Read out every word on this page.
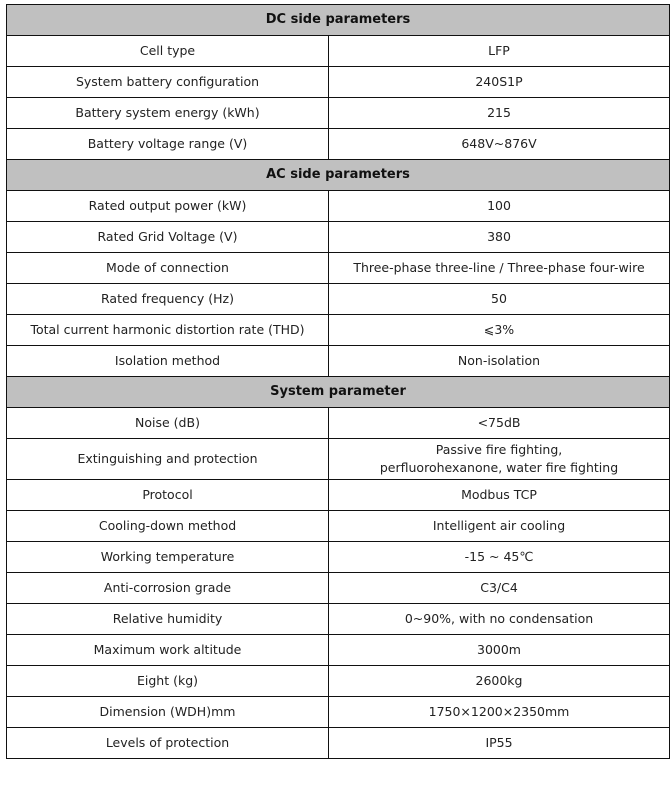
DC side parameters	
Cell type	LFP
System battery configuration	240S1P
Battery system energy (kWh)	215
Battery voltage range (V)	648V~876V
AC side parameters	
Rated output power (kW)	100
Rated Grid Voltage (V)	380
Mode of connection	Three-phase three-line / Three-phase four-wire
Rated frequency (Hz)	50
Total current harmonic distortion rate (THD)	⩽3%
Isolation method	Non-isolation
System parameter	
Noise (dB)	<75dB
Extinguishing and protection	Passive fire fighting,
perfluorohexanone, water fire fighting

Protocol	Modbus TCP
Cooling-down method	Intelligent air cooling
Working temperature	-15 ~ 45℃
Anti-corrosion grade	C3/C4
Relative humidity	0~90%, with no condensation
Maximum work altitude	3000m
Eight (kg)	2600kg
Dimension (WDH)mm	1750×1200×2350mm
Levels of protection	IP55
